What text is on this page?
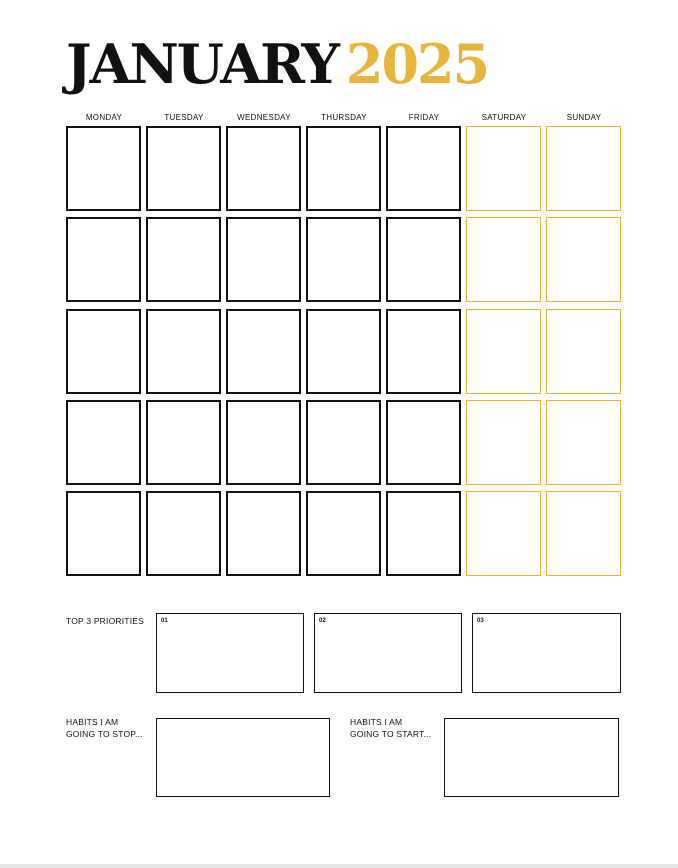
JANUARY 2025
MONDAY	TUESDAY	WEDNESDAY	THURSDAY	FRIDAY	SATURDAY	SUNDAY
TOP 3 PRIORITIES	01	02	03
HABITS I AM
GOING TO STOP...
HABITS I AM
GOING TO START...
